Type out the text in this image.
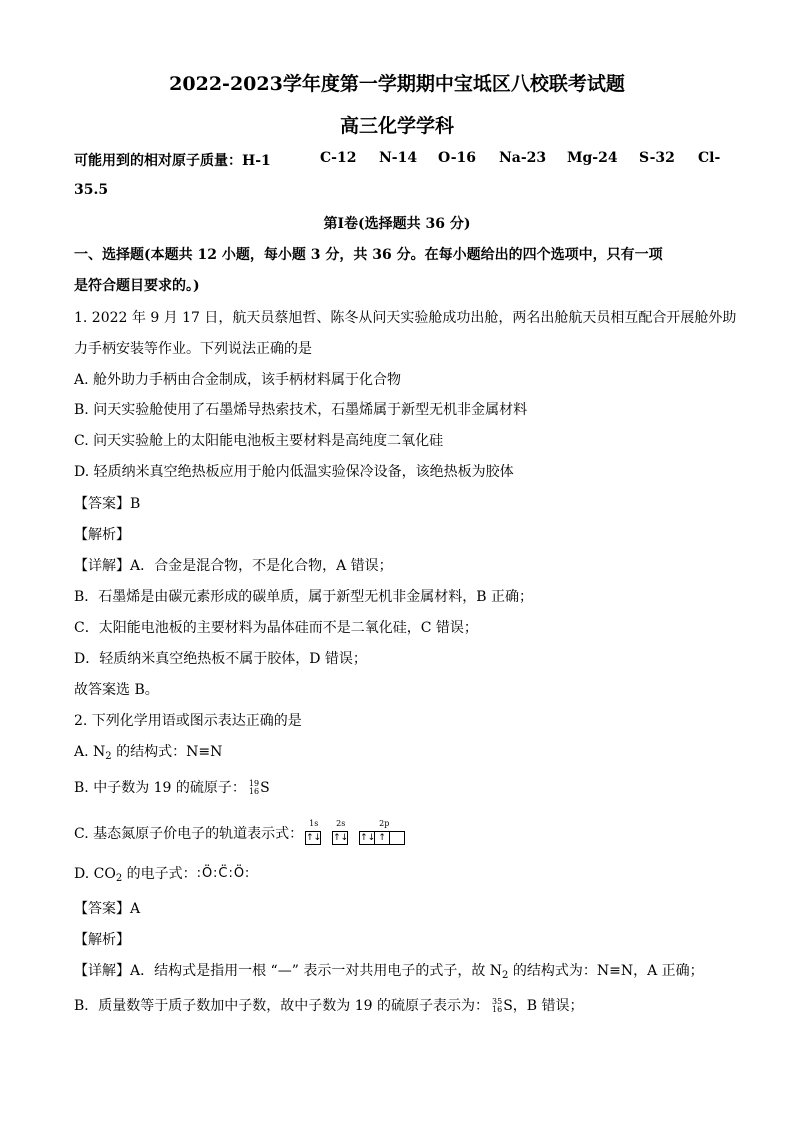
2022-2023学年度第一学期期中宝坻区八校联考试题
高三化学学科
可能用到的相对原子质量：H-1	C-12 N-14 O-16 Na-23 Mg-24 S-32 Cl-
35.5
第Ⅰ卷(选择题共 36 分)
一、选择题(本题共 12 小题，每小题 3 分，共 36 分。在每小题给出的四个选项中，只有一项
是符合题目要求的。)
1. 2022 年 9 月 17 日，航天员蔡旭哲、陈冬从问天实验舱成功出舱，两名出舱航天员相互配合开展舱外助
力手柄安装等作业。下列说法正确的是
A. 舱外助力手柄由合金制成，该手柄材料属于化合物
B. 问天实验舱使用了石墨烯导热索技术，石墨烯属于新型无机非金属材料
C. 问天实验舱上的太阳能电池板主要材料是高纯度二氧化硅
D. 轻质纳米真空绝热板应用于舱内低温实验保冷设备，该绝热板为胶体
【答案】B
【解析】
【详解】A．合金是混合物，不是化合物，A 错误；
B．石墨烯是由碳元素形成的碳单质，属于新型无机非金属材料，B 正确；
C．太阳能电池板的主要材料为晶体硅而不是二氧化硅，C 错误；
D．轻质纳米真空绝热板不属于胶体，D 错误；
故答案选 B。
2. 下列化学用语或图示表达正确的是
A. $N_2$ 的结构式：N≡N
B. 中子数为 19 的硫原子： 19
16 S
C. 基态氮原子价电子的轨道表示式：
1s 2s	2p
↑↓ ↑↓ ↑↓ ↑
D. $CO_2$ 的电子式：:Ö:C̈:Ö:
【答案】A
【解析】
【详解】A．结构式是指用一根 “—” 表示一对共用电子的式子，故 $N_2$ 的结构式为：N≡N，A 正确；
B．质量数等于质子数加中子数，故中子数为 19 的硫原子表示为： 35
16 S，B 错误；
